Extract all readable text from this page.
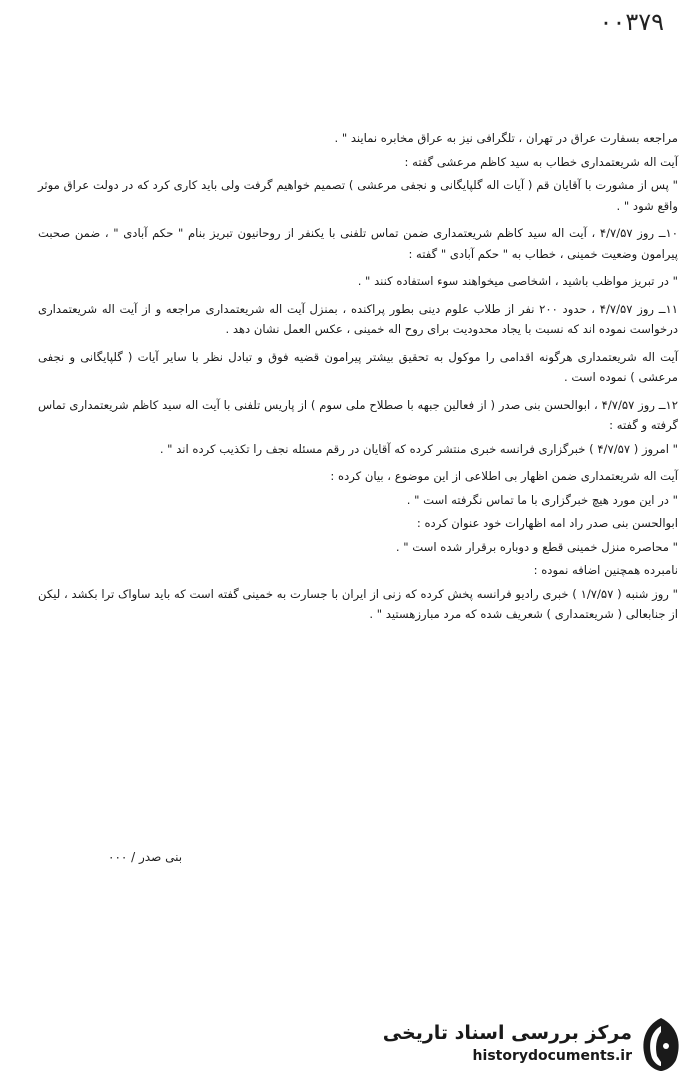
۰۰۳۷۹

مراجعه بسفارت عراق در تهران ، تلگرافی نیز به عراق مخابره نمایند " .

آیت اله شریعتمداری خطاب به سید کاظم مرعشی گفته :

" پس از مشورت با آقایان قم ( آیات اله گلپایگانی و نجفی مرعشی ) تصمیم خواهیم گرفت ولی باید کاری کرد که در دولت عراق موثر واقع شود " .

۱۰ــ روز ۴/۷/۵۷ ، آیت اله سید کاظم شریعتمداری ضمن تماس تلفنی با یکنفر از روحانیون تبریز بنام " حکم آبادی " ، ضمن صحبت پیرامون وضعیت خمینی ، خطاب به " حکم آبادی " گفته :

" در تبریز مواظب باشید ، اشخاصی میخواهند سوء استفاده کنند " .

۱۱ــ روز ۴/۷/۵۷ ، حدود ۲۰۰ نفر از طلاب علوم دینی بطور پراکنده ، بمنزل آیت اله شریعتمداری مراجعه و از آیت اله شریعتمداری درخواست نموده اند که نسبت با یجاد محدودیت برای روح اله خمینی ، عکس العمل نشان دهد .

آیت اله شریعتمداری هرگونه اقدامی را موکول به تحقیق بیشتر پیرامون قضیه فوق و تبادل نظر با سایر آیات ( گلپایگانی و نجفی مرعشی ) نموده است .

۱۲ــ روز ۴/۷/۵۷ ، ابوالحسن بنی صدر ( از فعالین جبهه با صطلاح ملی سوم ) از پاریس تلفنی با آیت اله سید کاظم شریعتمداری تماس گرفته و گفته :

" امروز ( ۴/۷/۵۷ ) خبرگزاری فرانسه خبری منتشر کرده که آقایان در رقم مسئله نجف را تکذیب کرده اند " .

آیت اله شریعتمداری ضمن اظهار بی اطلاعی از این موضوع ، بیان کرده :

" در این مورد هیچ خبرگزاری با ما تماس نگرفته است " .

ابوالحسن بنی صدر راد امه اظهارات خود عنوان کرده :

" محاصره منزل خمینی قطع و دوباره برقرار شده است " .

نامبرده همچنین اضافه نموده :

" روز شنبه ( ۱/۷/۵۷ ) خبری رادیو فرانسه پخش کرده که زنی از ایران با جسارت به خمینی گفته است که باید ساواک ترا بکشد ، لیکن از جنابعالی ( شریعتمداری ) شعریف شده که مرد مبارزهستید " .

بنی صدر / ۰۰۰
مرکز بررسی اسناد تاریخی
historydocuments.ir
